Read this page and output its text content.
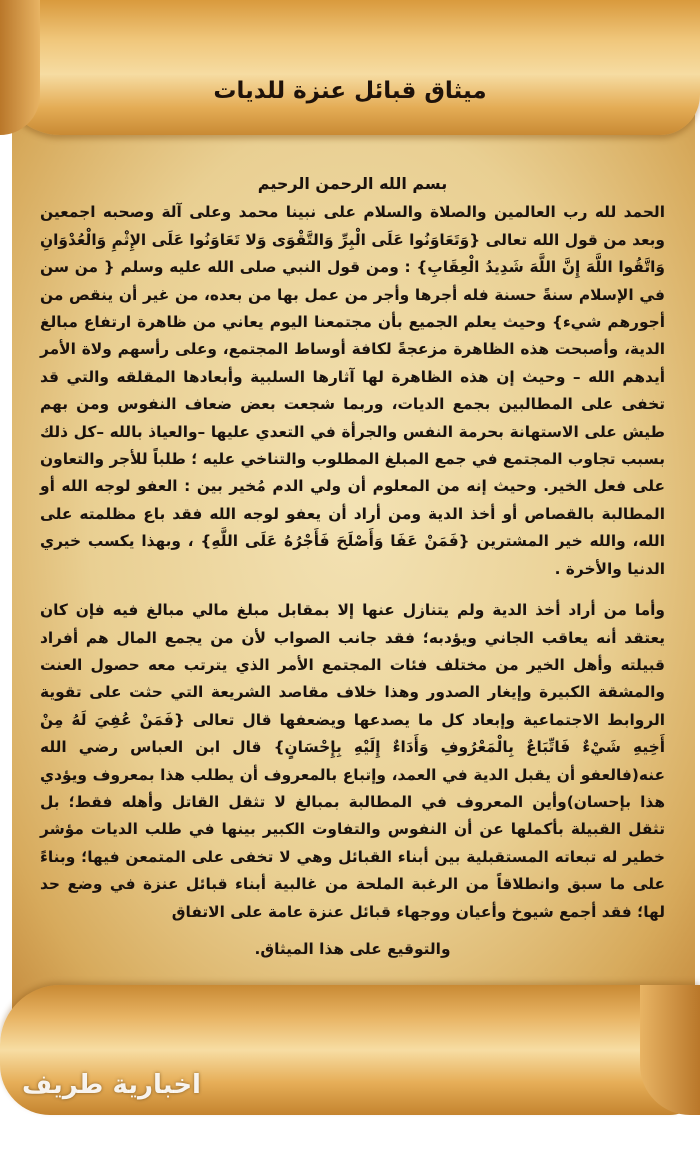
ميثاق قبائل عنزة للديات
بسم الله الرحمن الرحيم

الحمد لله رب العالمين والصلاة والسلام على نبينا محمد وعلى آلة وصحبه اجمعين وبعد من قول الله تعالى {وَتَعَاوَنُوا عَلَى الْبِرِّ وَالتَّقْوَى وَلا تَعَاوَنُوا عَلَى الإِثْمِ وَالْعُدْوَانِ وَاتَّقُوا اللَّهَ إِنَّ اللَّهَ شَدِيدُ الْعِقَابِ} : ومن قول النبي صلى الله عليه وسلم { من سن في الإسلام سنةً حسنة فله أجرها وأجر من عمل بها من بعده، من غير أن ينقص من أجورهم شيء} وحيث يعلم الجميع بأن مجتمعنا اليوم يعاني من ظاهرة ارتفاع مبالغ الدية، وأصبحت هذه الظاهرة مزعجةً لكافة أوساط المجتمع، وعلى رأسهم ولاة الأمر أيدهم الله – وحيث إن هذه الظاهرة لها آثارها السلبية وأبعادها المقلقه والتي قد تخفى على المطالبين بجمع الديات، وربما شجعت بعض ضعاف النفوس ومن بهم طيش على الاستهانة بحرمة النفس والجرأة في التعدي عليها –والعياذ بالله –كل ذلك بسبب تجاوب المجتمع في جمع المبلغ المطلوب والتناخي عليه ؛ طلباً للأجر والتعاون على فعل الخير. وحيث إنه من المعلوم أن ولي الدم مُخير بين : العفو لوجه الله أو المطالبة بالقصاص أو أخذ الدية ومن أراد أن يعفو لوجه الله فقد باع مظلمته على الله، والله خير المشترين {فَمَنْ عَفَا وَأَصْلَحَ فَأَجْرُهُ عَلَى اللَّهِ} ، وبهذا يكسب خيري الدنيا والأخرة .

وأما من أراد أخذ الدية ولم يتنازل عنها إلا بمقابل مبلغ مالي مبالغ فيه فإن كان يعتقد أنه يعاقب الجاني ويؤدبه؛ فقد جانب الصواب لأن من يجمع المال هم أفراد قبيلته وأهل الخير من مختلف فئات المجتمع الأمر الذي يترتب معه حصول العنت والمشقة الكبيرة وإيغار الصدور وهذا خلاف مقاصد الشريعة التي حثت على تقوية الروابط الاجتماعية وإبعاد كل ما يصدعها ويضعفها قال تعالى {فَمَنْ عُفِيَ لَهُ مِنْ أَخِيهِ شَيْءٌ فَاتِّبَاعٌ بِالْمَعْرُوفِ وَأَدَاءٌ إِلَيْهِ بِإِحْسَانٍ} قال ابن العباس رضي الله عنه(فالعفو أن يقبل الدية في العمد، وإتباع بالمعروف أن يطلب هذا بمعروف ويؤدي هذا بإحسان)وأين المعروف في المطالبة بمبالغ لا تثقل القاتل وأهله فقط؛ بل تثقل القبيلة بأكملها عن أن النفوس والتفاوت الكبير بينها في طلب الديات مؤشر خطير له تبعاته المستقبلية بين أبناء القبائل وهي لا تخفى على المتمعن فيها؛ وبناءً على ما سبق وانطلاقاً من الرغبة الملحة من غالبية أبناء قبائل عنزة في وضع حد لها؛ فقد أجمع شيوخ وأعيان ووجهاء قبائل عنزة عامة على الاتفاق

والتوقيع على هذا الميثاق.

اخبارية طريف
